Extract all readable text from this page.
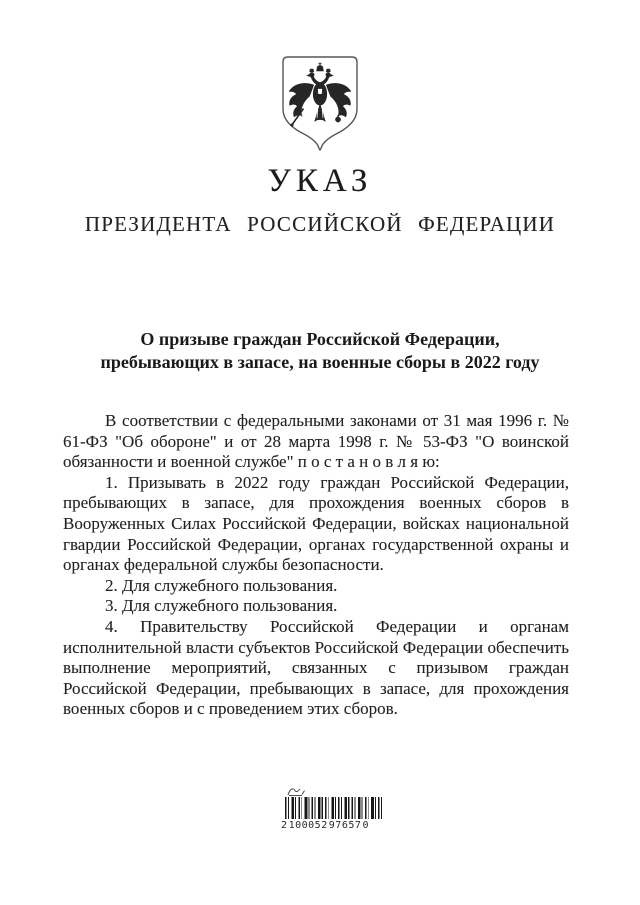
УКАЗ
ПРЕЗИДЕНТА РОССИЙСКОЙ ФЕДЕРАЦИИ
О призыве граждан Российской Федерации,
пребывающих в запасе, на военные сборы в 2022 году

В соответствии с федеральными законами от 31 мая 1996 г. № 61-ФЗ "Об обороне" и от 28 марта 1998 г. № 53-ФЗ "О воинской обязанности и военной службе" п о с т а н о в л я ю:

1. Призывать в 2022 году граждан Российской Федерации, пребывающих в запасе, для прохождения военных сборов в Вооруженных Силах Российской Федерации, войсках национальной гвардии Российской Федерации, органах государственной охраны и органах федеральной службы безопасности.

2. Для служебного пользования.

3. Для служебного пользования.

4. Правительству Российской Федерации и органам исполнительной власти субъектов Российской Федерации обеспечить выполнение мероприятий, связанных с призывом граждан Российской Федерации, пребывающих в запасе, для прохождения военных сборов и с проведением этих сборов.

2 100052 97657 0
